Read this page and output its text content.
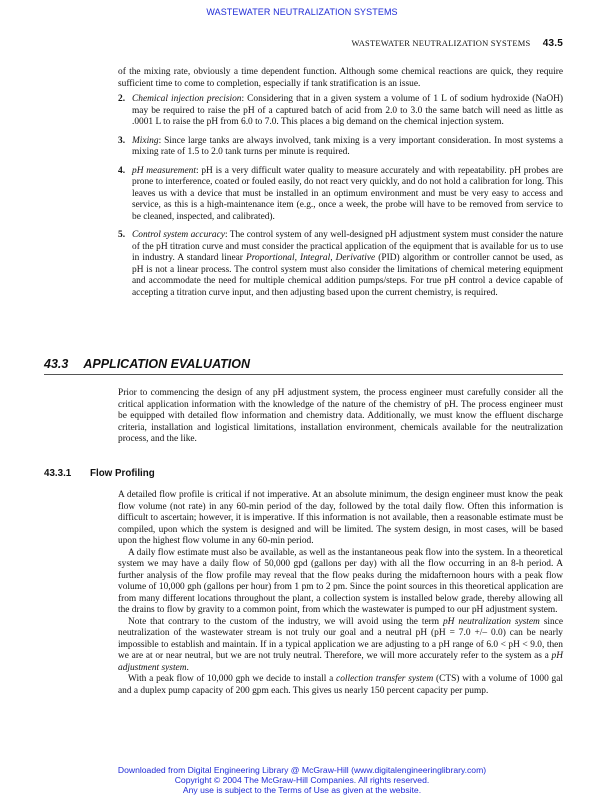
WASTEWATER NEUTRALIZATION SYSTEMS
WASTEWATER NEUTRALIZATION SYSTEMS 43.5
of the mixing rate, obviously a time dependent function. Although some chemical reactions are quick, they require sufficient time to come to completion, especially if tank stratification is an issue.
2. Chemical injection precision: Considering that in a given system a volume of 1 L of sodium hydroxide (NaOH) may be required to raise the pH of a captured batch of acid from 2.0 to 3.0 the same batch will need as little as .0001 L to raise the pH from 6.0 to 7.0. This places a big demand on the chemical injection system.
3. Mixing: Since large tanks are always involved, tank mixing is a very important consideration. In most systems a mixing rate of 1.5 to 2.0 tank turns per minute is required.
4. pH measurement: pH is a very difficult water quality to measure accurately and with repeatability. pH probes are prone to interference, coated or fouled easily, do not react very quickly, and do not hold a calibration for long. This leaves us with a device that must be installed in an optimum environment and must be very easy to access and service, as this is a high-maintenance item (e.g., once a week, the probe will have to be removed from service to be cleaned, inspected, and calibrated).
5. Control system accuracy: The control system of any well-designed pH adjustment system must consider the nature of the pH titration curve and must consider the practical application of the equipment that is available for us to use in industry. A standard linear Proportional, Integral, Derivative (PID) algorithm or controller cannot be used, as pH is not a linear process. The control system must also consider the limitations of chemical metering equipment and accommodate the need for multiple chemical addition pumps/steps. For true pH control a device capable of accepting a titration curve input, and then adjusting based upon the current chemistry, is required.
43.3 APPLICATION EVALUATION
Prior to commencing the design of any pH adjustment system, the process engineer must carefully consider all the critical application information with the knowledge of the nature of the chemistry of pH. The process engineer must be equipped with detailed flow information and chemistry data. Additionally, we must know the effluent discharge criteria, installation and logistical limitations, installation environment, chemicals available for the neutralization process, and the like.
43.3.1 Flow Profiling

A detailed flow profile is critical if not imperative. At an absolute minimum, the design engineer must know the peak flow volume (not rate) in any 60-min period of the day, followed by the total daily flow. Often this information is difficult to ascertain; however, it is imperative. If this information is not available, then a reasonable estimate must be compiled, upon which the system is designed and will be limited. The system design, in most cases, will be based upon the highest flow volume in any 60-min period.

A daily flow estimate must also be available, as well as the instantaneous peak flow into the system. In a theoretical system we may have a daily flow of 50,000 gpd (gallons per day) with all the flow occurring in an 8-h period. A further analysis of the flow profile may reveal that the flow peaks during the midafternoon hours with a peak flow volume of 10,000 gph (gallons per hour) from 1 pm to 2 pm. Since the point sources in this theoretical application are from many different locations throughout the plant, a collection system is installed below grade, thereby allowing all the drains to flow by gravity to a common point, from which the wastewater is pumped to our pH adjustment system.

Note that contrary to the custom of the industry, we will avoid using the term pH neutralization system since neutralization of the wastewater stream is not truly our goal and a neutral pH (pH = 7.0 +/– 0.0) can be nearly impossible to establish and maintain. If in a typical application we are adjusting to a pH range of 6.0 < pH < 9.0, then we are at or near neutral, but we are not truly neutral. Therefore, we will more accurately refer to the system as a pH adjustment system.

With a peak flow of 10,000 gph we decide to install a collection transfer system (CTS) with a volume of 1000 gal and a duplex pump capacity of 200 gpm each. This gives us nearly 150 percent capacity per pump.

Downloaded from Digital Engineering Library @ McGraw-Hill (www.digitalengineeringlibrary.com)
Copyright © 2004 The McGraw-Hill Companies. All rights reserved.
Any use is subject to the Terms of Use as given at the website.
